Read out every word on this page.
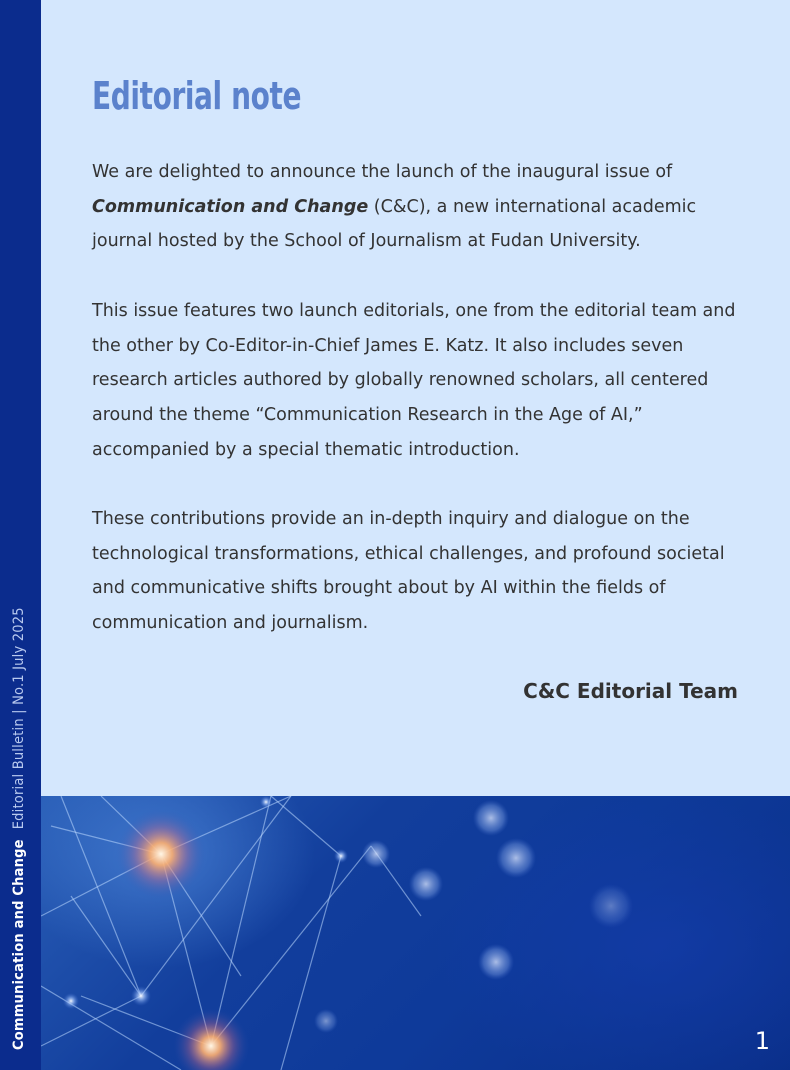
Communication and ChangeEditorial Bulletin | No.1 July 2025
Editorial note

We are delighted to announce the launch of the inaugural issue of Communication and Change (C&C), a new international academic journal hosted by the School of Journalism at Fudan University.

This issue features two launch editorials, one from the editorial team and the other by Co-Editor-in-Chief James E. Katz. It also includes seven research articles authored by globally renowned scholars, all centered around the theme “Communication Research in the Age of AI,” accompanied by a special thematic introduction.

These contributions provide an in-depth inquiry and dialogue on the technological transformations, ethical challenges, and profound societal and communicative shifts brought about by AI within the fields of communication and journalism.

C&C Editorial Team

1
